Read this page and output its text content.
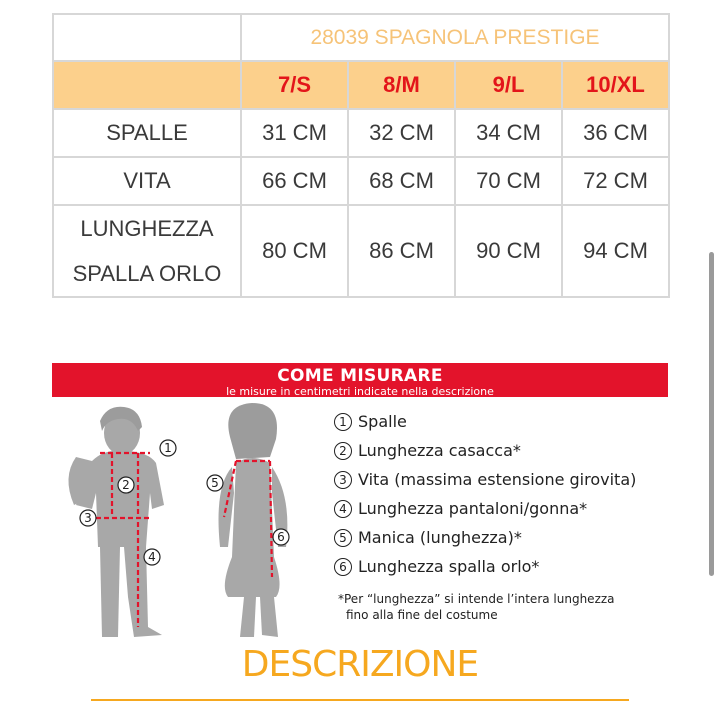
	28039 SPAGNOLA PRESTIGE			
	7/S	8/M	9/L	10/XL
SPALLE	31 CM	32 CM	34 CM	36 CM
VITA	66 CM	68 CM	70 CM	72 CM

LUNGHEZZA
SPALLA ORLO	80 CM	86 CM	90 CM	94 CM
COME MISURARE
le misure in centimetri indicate nella descrizione
1
2
3
4
5
6
1 Spalle
2 Lunghezza casacca*
3 Vita (massima estensione girovita)
4 Lunghezza pantaloni/gonna*
5 Manica (lunghezza)*
6 Lunghezza spalla orlo*
*Per “lunghezza” si intende l’intera lunghezza
fino alla fine del costume
DESCRIZIONE
